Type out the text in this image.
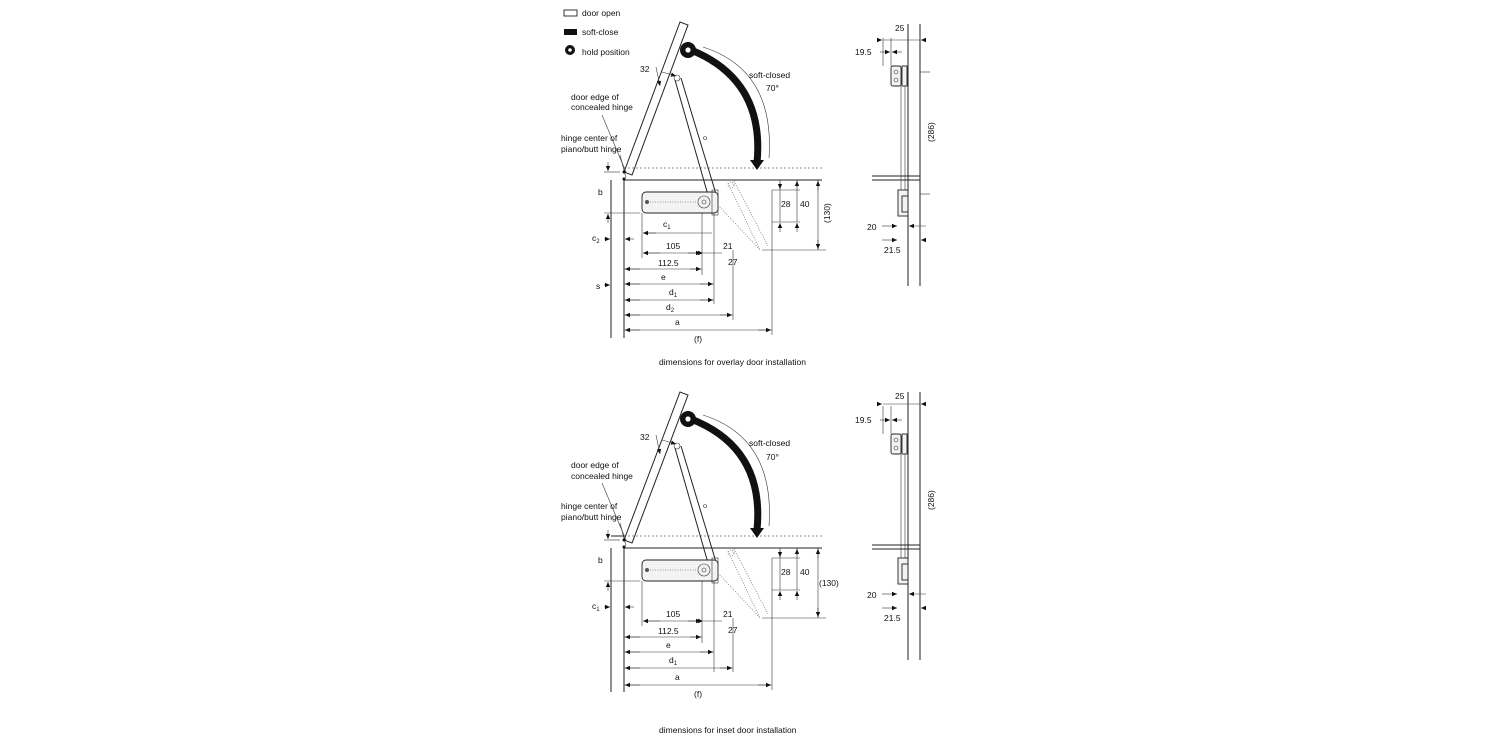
door open
soft-close
hold position
32
door edge of
concealed hinge
hinge center of
piano/butt hinge
soft-closed
70°
b
$c_1$
$c_2$	105	21
112.5	27
e
s
$d_1$
$d_2$
a
(f)
28 40 (130)
dimensions for overlay door installation
32
door edge of
concealed hinge
hinge center of
piano/butt hinge
soft-closed
70°
b
$c_1$	105	21
112.5	27
e
$d_1$
a
(f)
28 40
(130)
dimensions for inset door installation
25
19.5
(286)
20
21.5
25
19.5
(286)
20
21.5
